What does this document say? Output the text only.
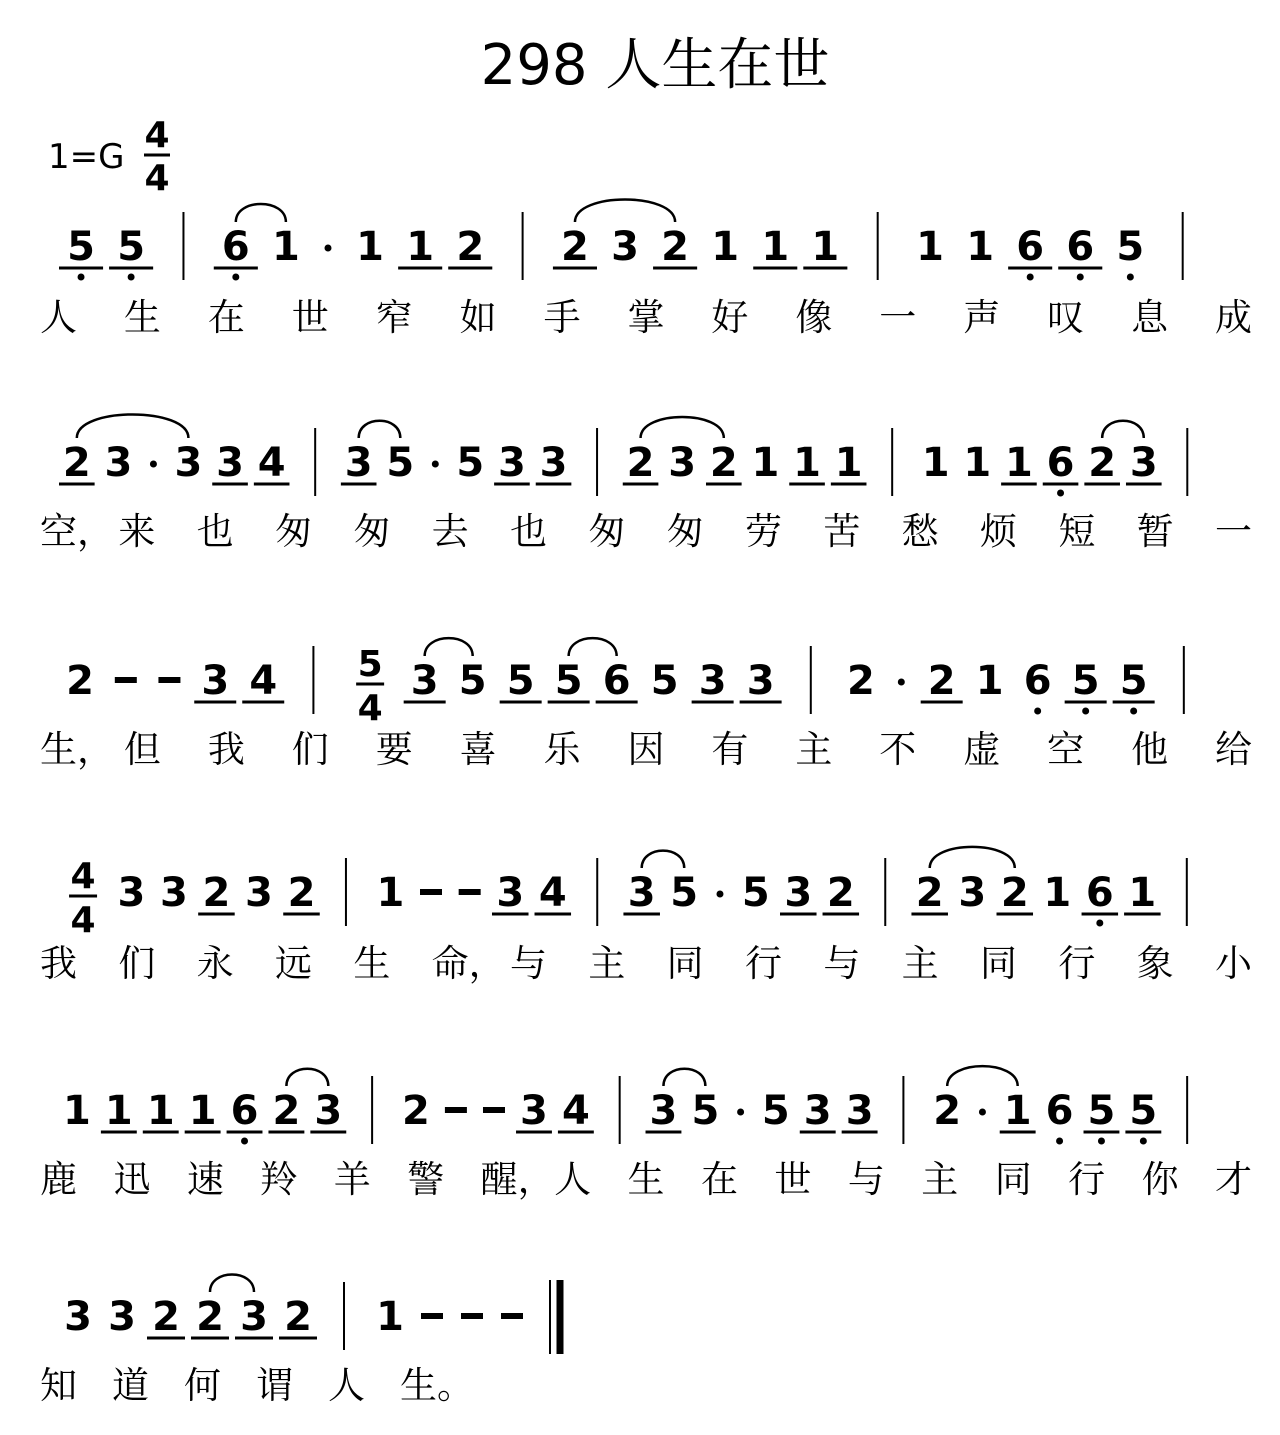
298 人生在世
1=G
4
4
5 5 6 1 1 1 2 2 3 2 1 1 1 1 1 6 6 5
人 生 在 世 窄 如 手 掌 好 像 一 声 叹 息 成
2 3 3 3 4 3 5 5 3 3 2 3 2 1 1 1 1 1 1 6 2 3
空， 来 也 匆 匆 去 也 匆 匆 劳 苦 愁 烦 短 暂 一
2	3 4 5
4
3 5 5 5 6 5 3 3 2 2 1 6 5 5
生， 但 我 们 要 喜 乐 因 有 主 不 虚 空 他 给
4
4
3 3 2 3 2 1 3 4 3 5 5 3 2 2 3 2 1 6 1
我 们 永 远 生 命， 与 主 同 行 与 主 同 行 象 小
1 1 1 1 6 2 3 2 3 4 3 5 5 3 3 2 1 6 5 5
鹿 迅 速 羚 羊 警 醒，人 生 在 世 与 主 同 行 你 才
3 3 2 2 3 2 1
知 道 何 谓 人 生。
